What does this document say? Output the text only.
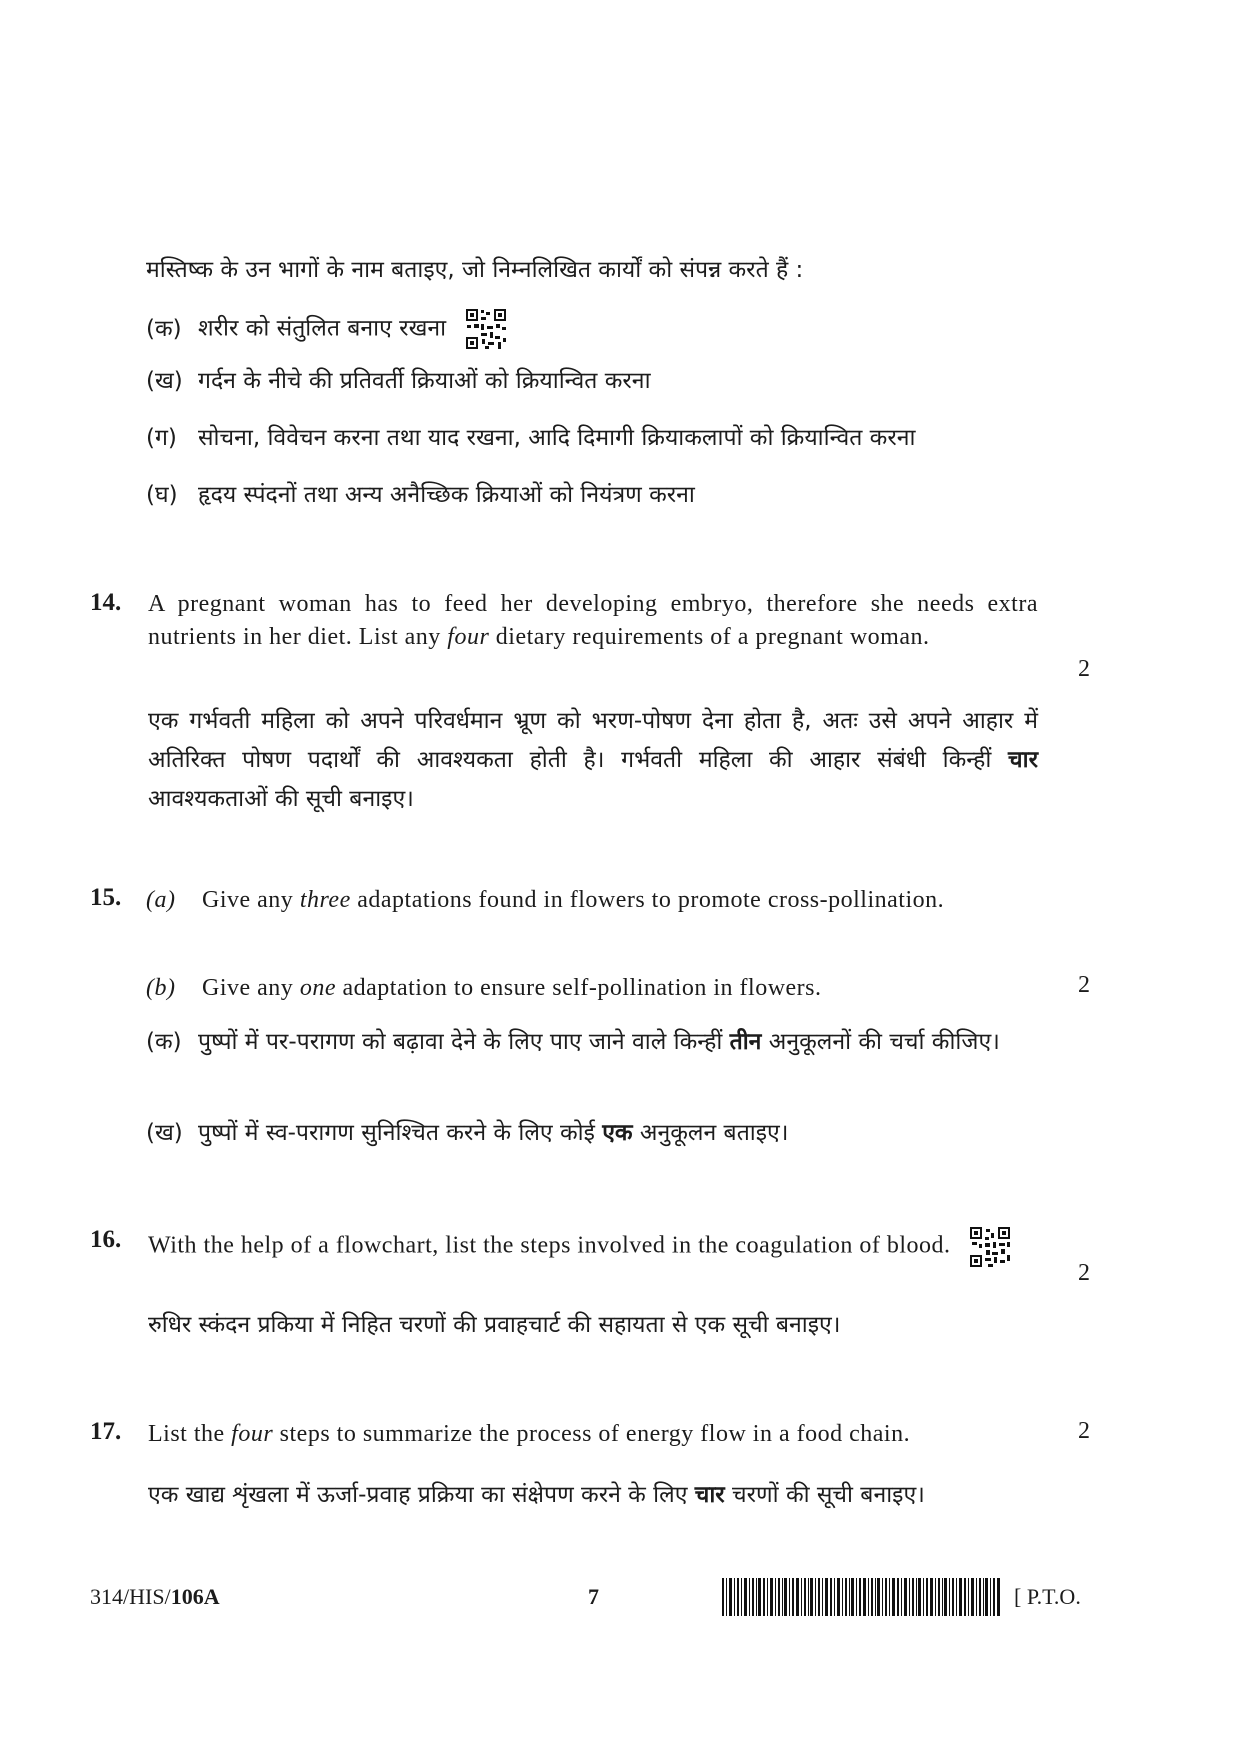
मस्तिष्क के उन भागों के नाम बताइए, जो निम्नलिखित कार्यों को संपन्न करते हैं :
(क) शरीर को संतुलित बनाए रखना
(ख) गर्दन के नीचे की प्रतिवर्ती क्रियाओं को क्रियान्वित करना
(ग) सोचना, विवेचन करना तथा याद रखना, आदि दिमागी क्रियाकलापों को क्रियान्वित करना
(घ) हृदय स्पंदनों तथा अन्य अनैच्छिक क्रियाओं को नियंत्रण करना
14. A pregnant woman has to feed her developing embryo, therefore she needs extra nutrients in her diet. List any four dietary requirements of a pregnant woman.
2
एक गर्भवती महिला को अपने परिवर्धमान भ्रूण को भरण-पोषण देना होता है, अतः उसे अपने आहार में अतिरिक्त पोषण पदार्थों की आवश्यकता होती है। गर्भवती महिला की आहार संबंधी किन्हीं चार आवश्यकताओं की सूची बनाइए।
15. (a) Give any three adaptations found in flowers to promote cross-pollination.
(b) Give any one adaptation to ensure self-pollination in flowers.	2
(क) पुष्पों में पर-परागण को बढ़ावा देने के लिए पाए जाने वाले किन्हीं तीन अनुकूलनों की चर्चा कीजिए।
(ख) पुष्पों में स्व-परागण सुनिश्चित करने के लिए कोई एक अनुकूलन बताइए।
16. With the help of a flowchart, list the steps involved in the coagulation of blood.
2
रुधिर स्कंदन प्रकिया में निहित चरणों की प्रवाहचार्ट की सहायता से एक सूची बनाइए।
17. List the four steps to summarize the process of energy flow in a food chain.	2
एक खाद्य शृंखला में ऊर्जा-प्रवाह प्रक्रिया का संक्षेपण करने के लिए चार चरणों की सूची बनाइए।
314/HIS/106A	7	[ P.T.O.
